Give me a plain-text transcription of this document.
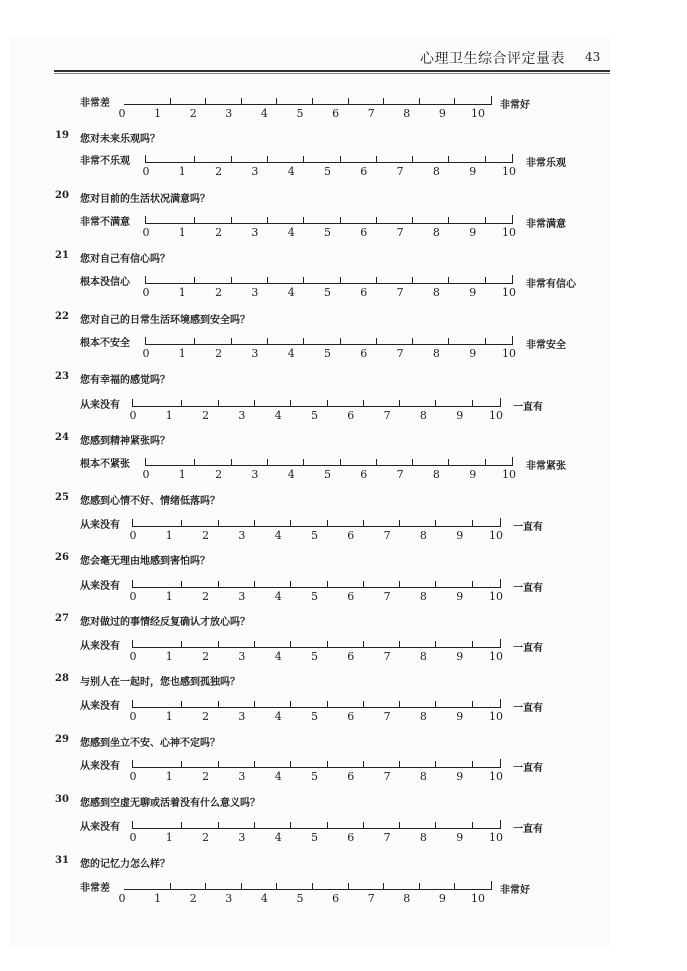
心理卫生综合评定量表 43
非常差
0	1	2	3	4	5	6	7	8	9	10
非常好
19 您对未来乐观吗？
非常不乐观
0	1	2	3	4	5	6	7	8	9	10
非常乐观
20 您对目前的生活状况满意吗？
非常不满意
0	1	2	3	4	5	6	7	8	9	10
非常满意
21 您对自己有信心吗？
根本没信心
0	1	2	3	4	5	6	7	8	9	10
非常有信心
22 您对自己的日常生活环境感到安全吗？
根本不安全
0	1	2	3	4	5	6	7	8	9	10
非常安全
23 您有幸福的感觉吗？
从来没有
0	1	2	3	4	5	6	7	8	9	10
一直有
24 您感到精神紧张吗？
根本不紧张
0	1	2	3	4	5	6	7	8	9	10
非常紧张
25 您感到心情不好、情绪低落吗？
从来没有
0	1	2	3	4	5	6	7	8	9	10
一直有
26 您会毫无理由地感到害怕吗？
从来没有
0	1	2	3	4	5	6	7	8	9	10
一直有
27 您对做过的事情经反复确认才放心吗？
从来没有
0	1	2	3	4	5	6	7	8	9	10
一直有
28 与别人在一起时，您也感到孤独吗？
从来没有
0	1	2	3	4	5	6	7	8	9	10
一直有
29 您感到坐立不安、心神不定吗？
从来没有
0	1	2	3	4	5	6	7	8	9	10
一直有
30 您感到空虚无聊或活着没有什么意义吗？
从来没有
0	1	2	3	4	5	6	7	8	9	10
一直有
31 您的记忆力怎么样？
非常差
0	1	2	3	4	5	6	7	8	9	10
非常好
